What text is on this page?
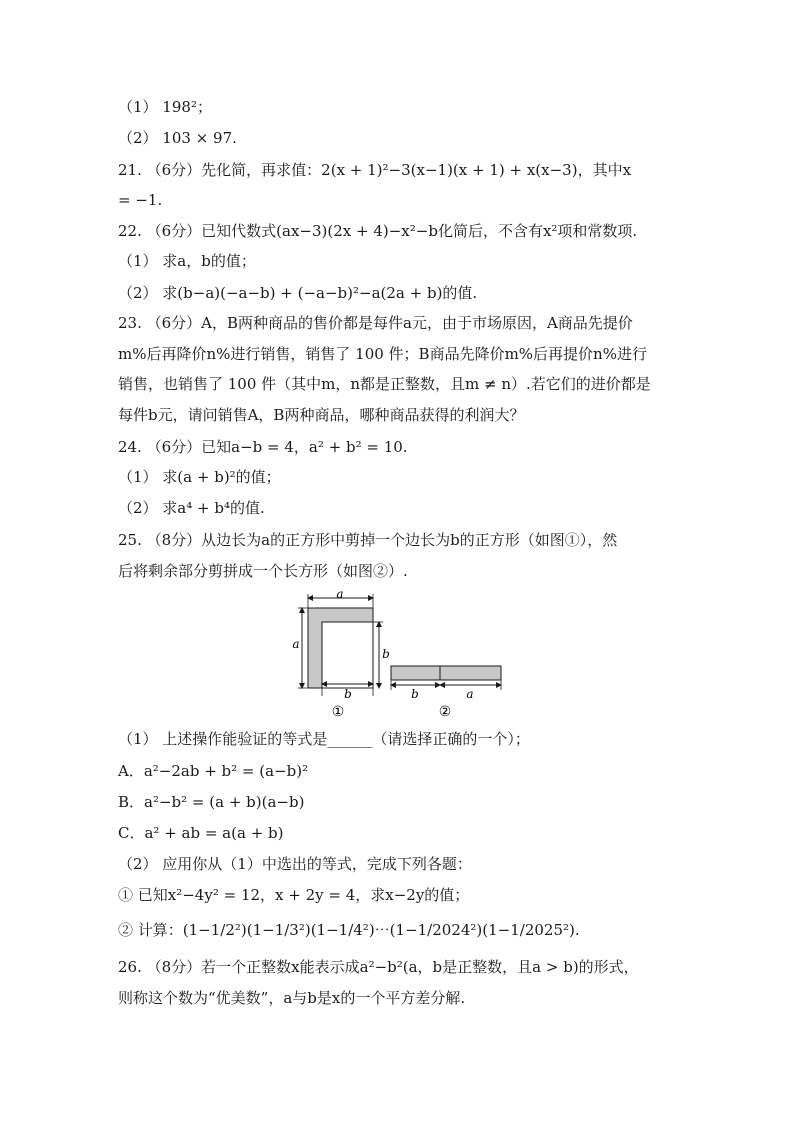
（1） 198²；
（2） 103 × 97.
21. （6分）先化简，再求值：2(x + 1)²−3(x−1)(x + 1) + x(x−3)，其中x
= −1.
22. （6分）已知代数式(ax−3)(2x + 4)−x²−b化简后，不含有x²项和常数项.
（1） 求a，b的值；
（2） 求(b−a)(−a−b) + (−a−b)²−a(2a + b)的值.
23. （6分）A，B两种商品的售价都是每件a元，由于市场原因，A商品先提价
m%后再降价n%进行销售，销售了 100 件；B商品先降价m%后再提价n%进行
销售，也销售了 100 件（其中m，n都是正整数，且m ≠ n）.若它们的进价都是
每件b元，请问销售A，B两种商品，哪种商品获得的利润大？
24. （6分）已知a−b = 4，a² + b² = 10.
（1） 求(a + b)²的值；
（2） 求a⁴ + b⁴的值.
25. （8分）从边长为a的正方形中剪掉一个边长为b的正方形（如图①），然
后将剩余部分剪拼成一个长方形（如图②）.
a
a
b
b
①
b	a
②
（1） 上述操作能验证的等式是______（请选择正确的一个）；
A．a²−2ab + b² = (a−b)²
B．a²−b² = (a + b)(a−b)
C．a² + ab = a(a + b)
（2） 应用你从（1）中选出的等式，完成下列各题：
① 已知x²−4y² = 12，x + 2y = 4，求x−2y的值；
② 计算：(1−1/2²)(1−1/3²)(1−1/4²)⋯(1−1/2024²)(1−1/2025²).
26. （8分）若一个正整数x能表示成a²−b²(a，b是正整数，且a > b)的形式，
则称这个数为“优美数”，a与b是x的一个平方差分解.
